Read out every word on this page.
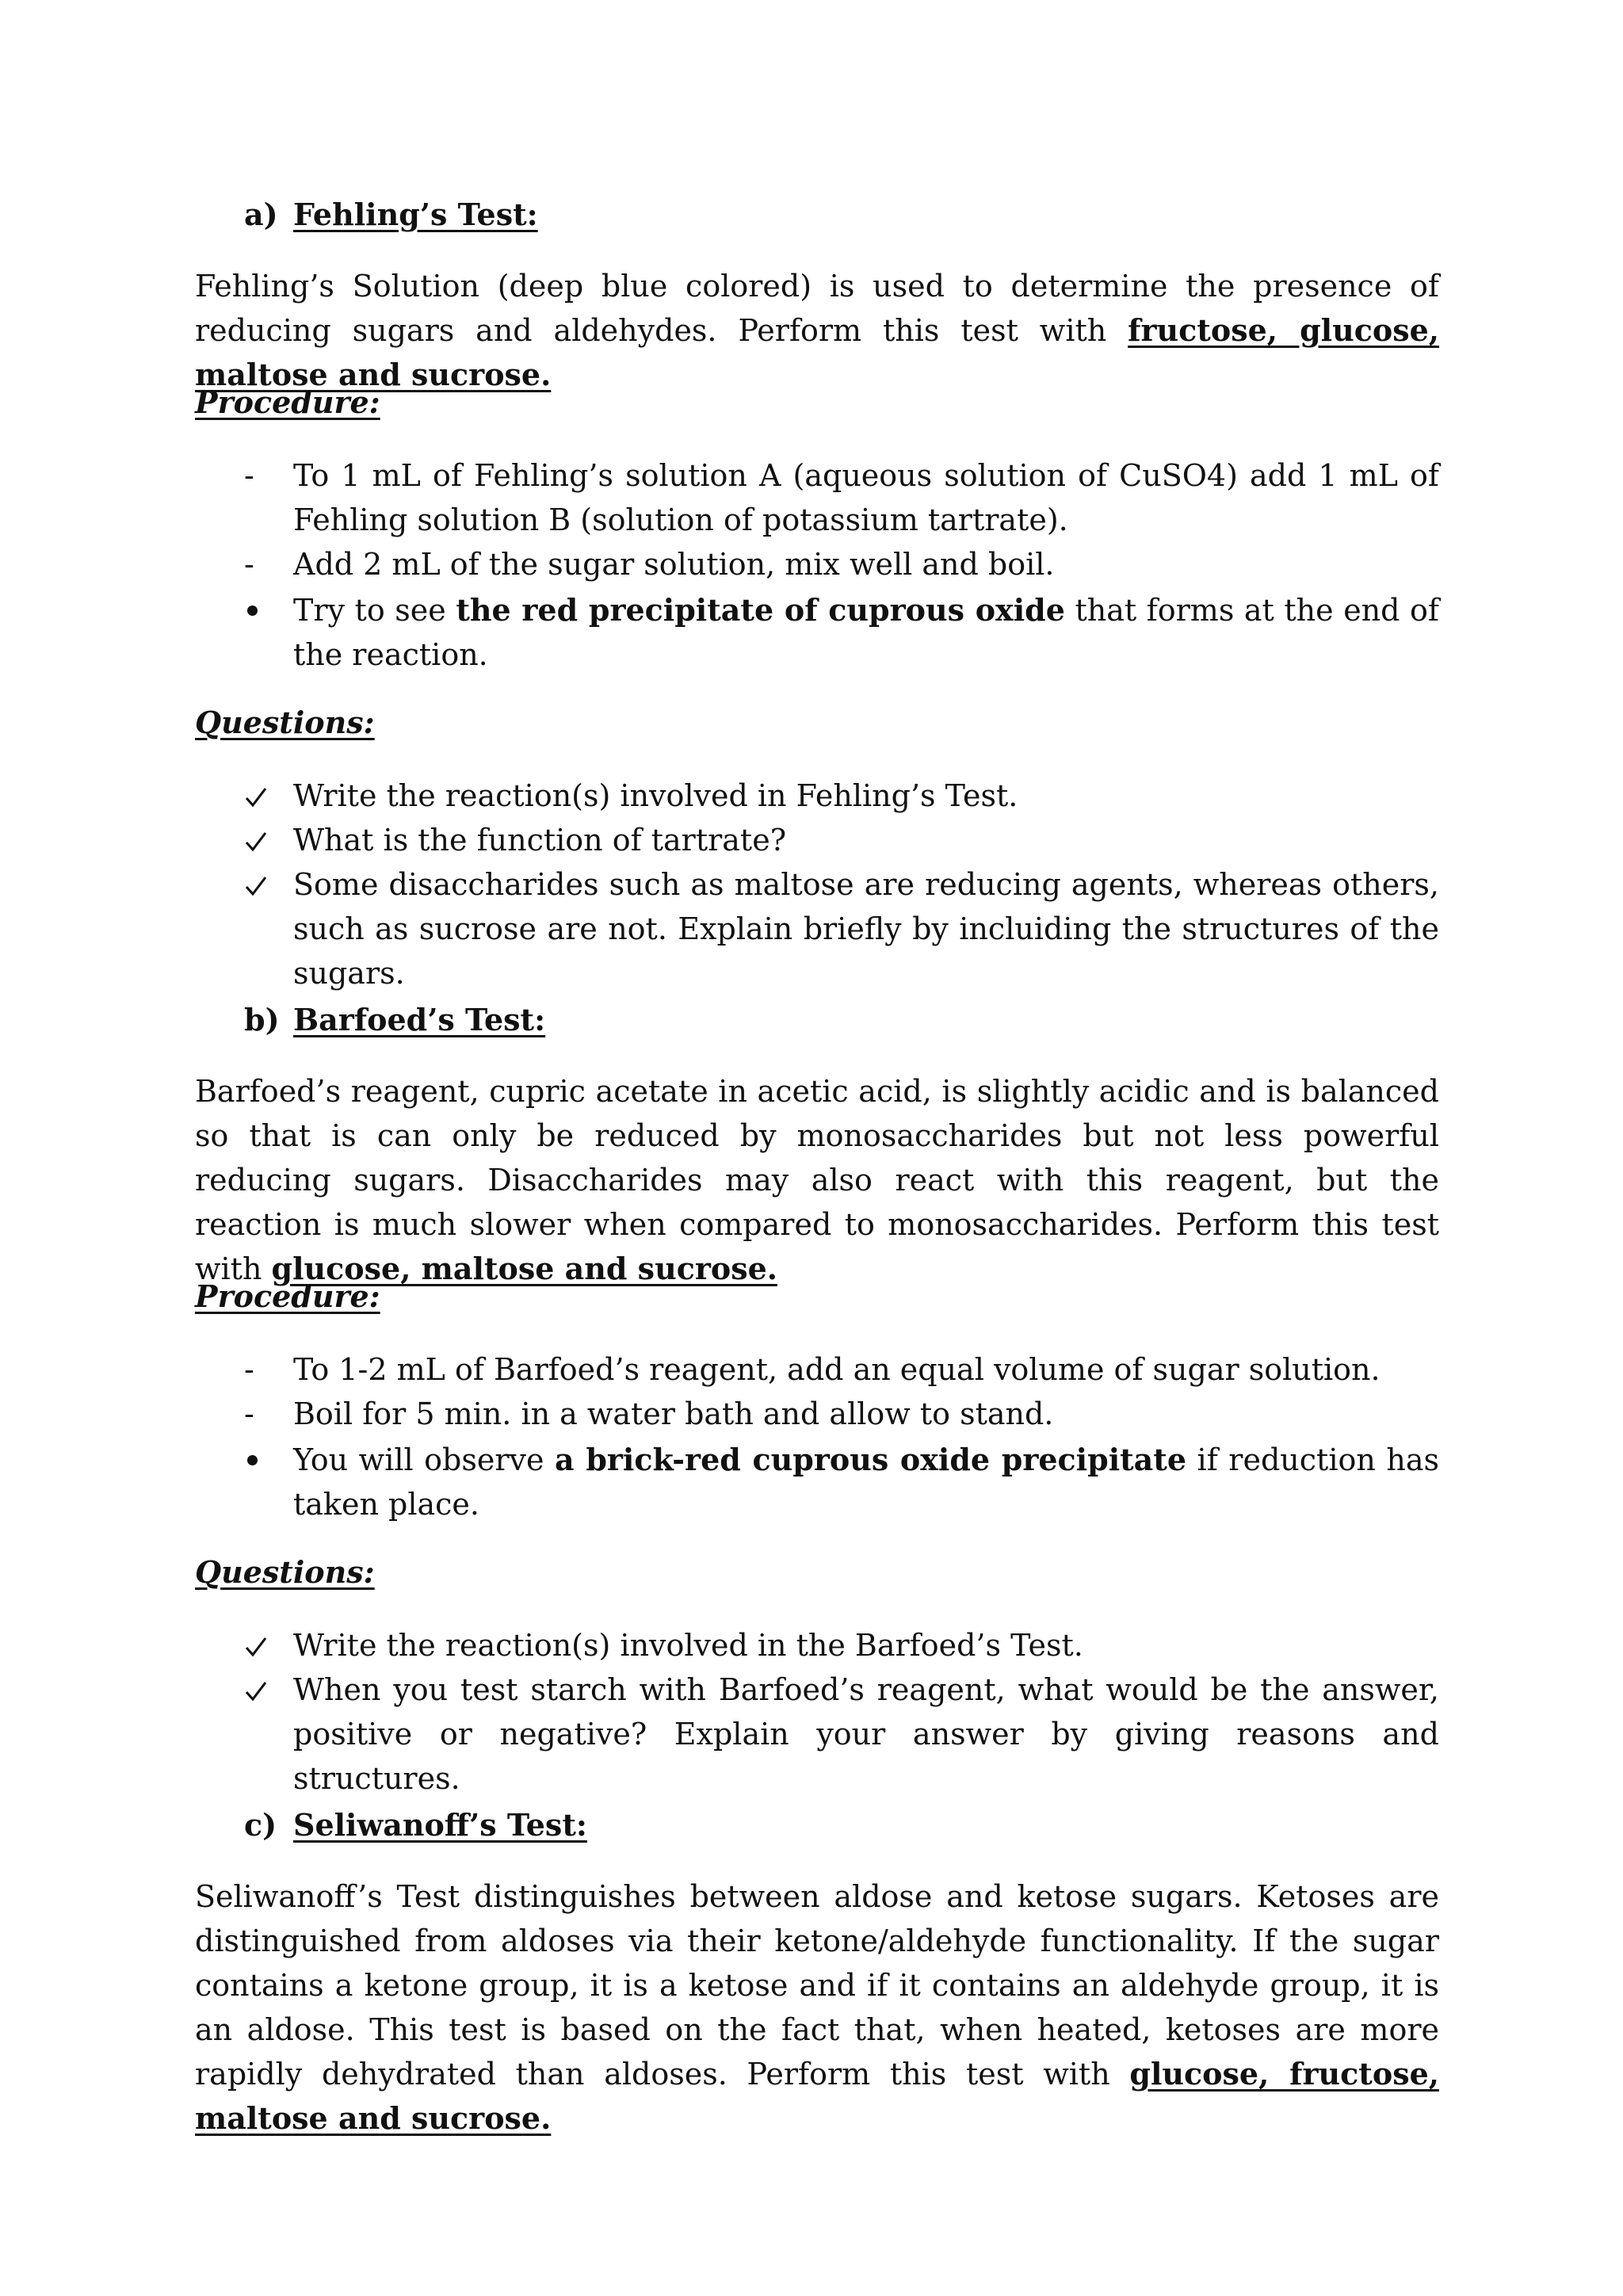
a) Fehling’s Test:

Fehling’s Solution (deep blue colored) is used to determine the presence of reducing sugars and aldehydes. Perform this test with fructose, glucose, maltose and sucrose.

Procedure:
-	To 1 mL of Fehling’s solution A (aqueous solution of CuSO4) add 1 mL of Fehling solution B (solution of potassium tartrate).
-	Add 2 mL of the sugar solution, mix well and boil.
Try to see the red precipitate of cuprous oxide that forms at the end of the reaction.
Questions:
Write the reaction(s) involved in Fehling’s Test.
What is the function of tartrate?
Some disaccharides such as maltose are reducing agents, whereas others, such as sucrose are not. Explain briefly by incluiding the structures of the sugars.
b) Barfoed’s Test:

Barfoed’s reagent, cupric acetate in acetic acid, is slightly acidic and is balanced so that is can only be reduced by monosaccharides but not less powerful reducing sugars. Disaccharides may also react with this reagent, but the reaction is much slower when compared to monosaccharides. Perform this test with glucose, maltose and sucrose.

Procedure:
-	To 1-2 mL of Barfoed’s reagent, add an equal volume of sugar solution.
-	Boil for 5 min. in a water bath and allow to stand.
You will observe a brick-red cuprous oxide precipitate if reduction has taken place.
Questions:
Write the reaction(s) involved in the Barfoed’s Test.
When you test starch with Barfoed’s reagent, what would be the answer, positive or negative? Explain your answer by giving reasons and structures.
c) Seliwanoff’s Test:

Seliwanoff’s Test distinguishes between aldose and ketose sugars. Ketoses are distinguished from aldoses via their ketone/aldehyde functionality. If the sugar contains a ketone group, it is a ketose and if it contains an aldehyde group, it is an aldose. This test is based on the fact that, when heated, ketoses are more rapidly dehydrated than aldoses. Perform this test with glucose, fructose, maltose and sucrose.
